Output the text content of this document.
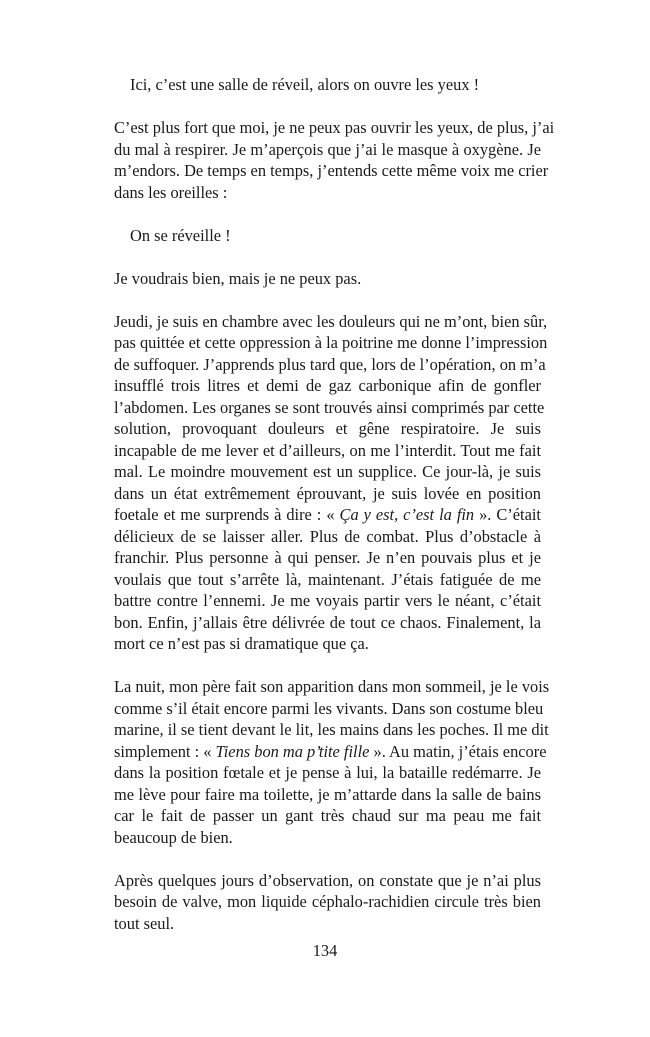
Ici, c’est une salle de réveil, alors on ouvre les yeux !
C’est plus fort que moi, je ne peux pas ouvrir les yeux, de plus, j’ai
du mal à respirer. Je m’aperçois que j’ai le masque à oxygène. Je
m’endors. De temps en temps, j’entends cette même voix me crier
dans les oreilles :
On se réveille !
Je voudrais bien, mais je ne peux pas.
Jeudi, je suis en chambre avec les douleurs qui ne m’ont, bien sûr,
pas quittée et cette oppression à la poitrine me donne l’impression
de suffoquer. J’apprends plus tard que, lors de l’opération, on m’a
insufflé trois litres et demi de gaz carbonique afin de gonfler
l’abdomen. Les organes se sont trouvés ainsi comprimés par cette
solution, provoquant douleurs et gêne respiratoire. Je suis
incapable de me lever et d’ailleurs, on me l’interdit. Tout me fait
mal. Le moindre mouvement est un supplice. Ce jour-là, je suis
dans un état extrêmement éprouvant, je suis lovée en position
foetale et me surprends à dire : « Ça y est, c’est la fin ». C’était
délicieux de se laisser aller. Plus de combat. Plus d’obstacle à
franchir. Plus personne à qui penser. Je n’en pouvais plus et je
voulais que tout s’arrête là, maintenant. J’étais fatiguée de me
battre contre l’ennemi. Je me voyais partir vers le néant, c’était
bon. Enfin, j’allais être délivrée de tout ce chaos. Finalement, la
mort ce n’est pas si dramatique que ça.
La nuit, mon père fait son apparition dans mon sommeil, je le vois
comme s’il était encore parmi les vivants. Dans son costume bleu
marine, il se tient devant le lit, les mains dans les poches. Il me dit
simplement : « Tiens bon ma p’tite fille ». Au matin, j’étais encore
dans la position fœtale et je pense à lui, la bataille redémarre. Je
me lève pour faire ma toilette, je m’attarde dans la salle de bains
car le fait de passer un gant très chaud sur ma peau me fait
beaucoup de bien.
Après quelques jours d’observation, on constate que je n’ai plus
besoin de valve, mon liquide céphalo-rachidien circule très bien
tout seul.
134
